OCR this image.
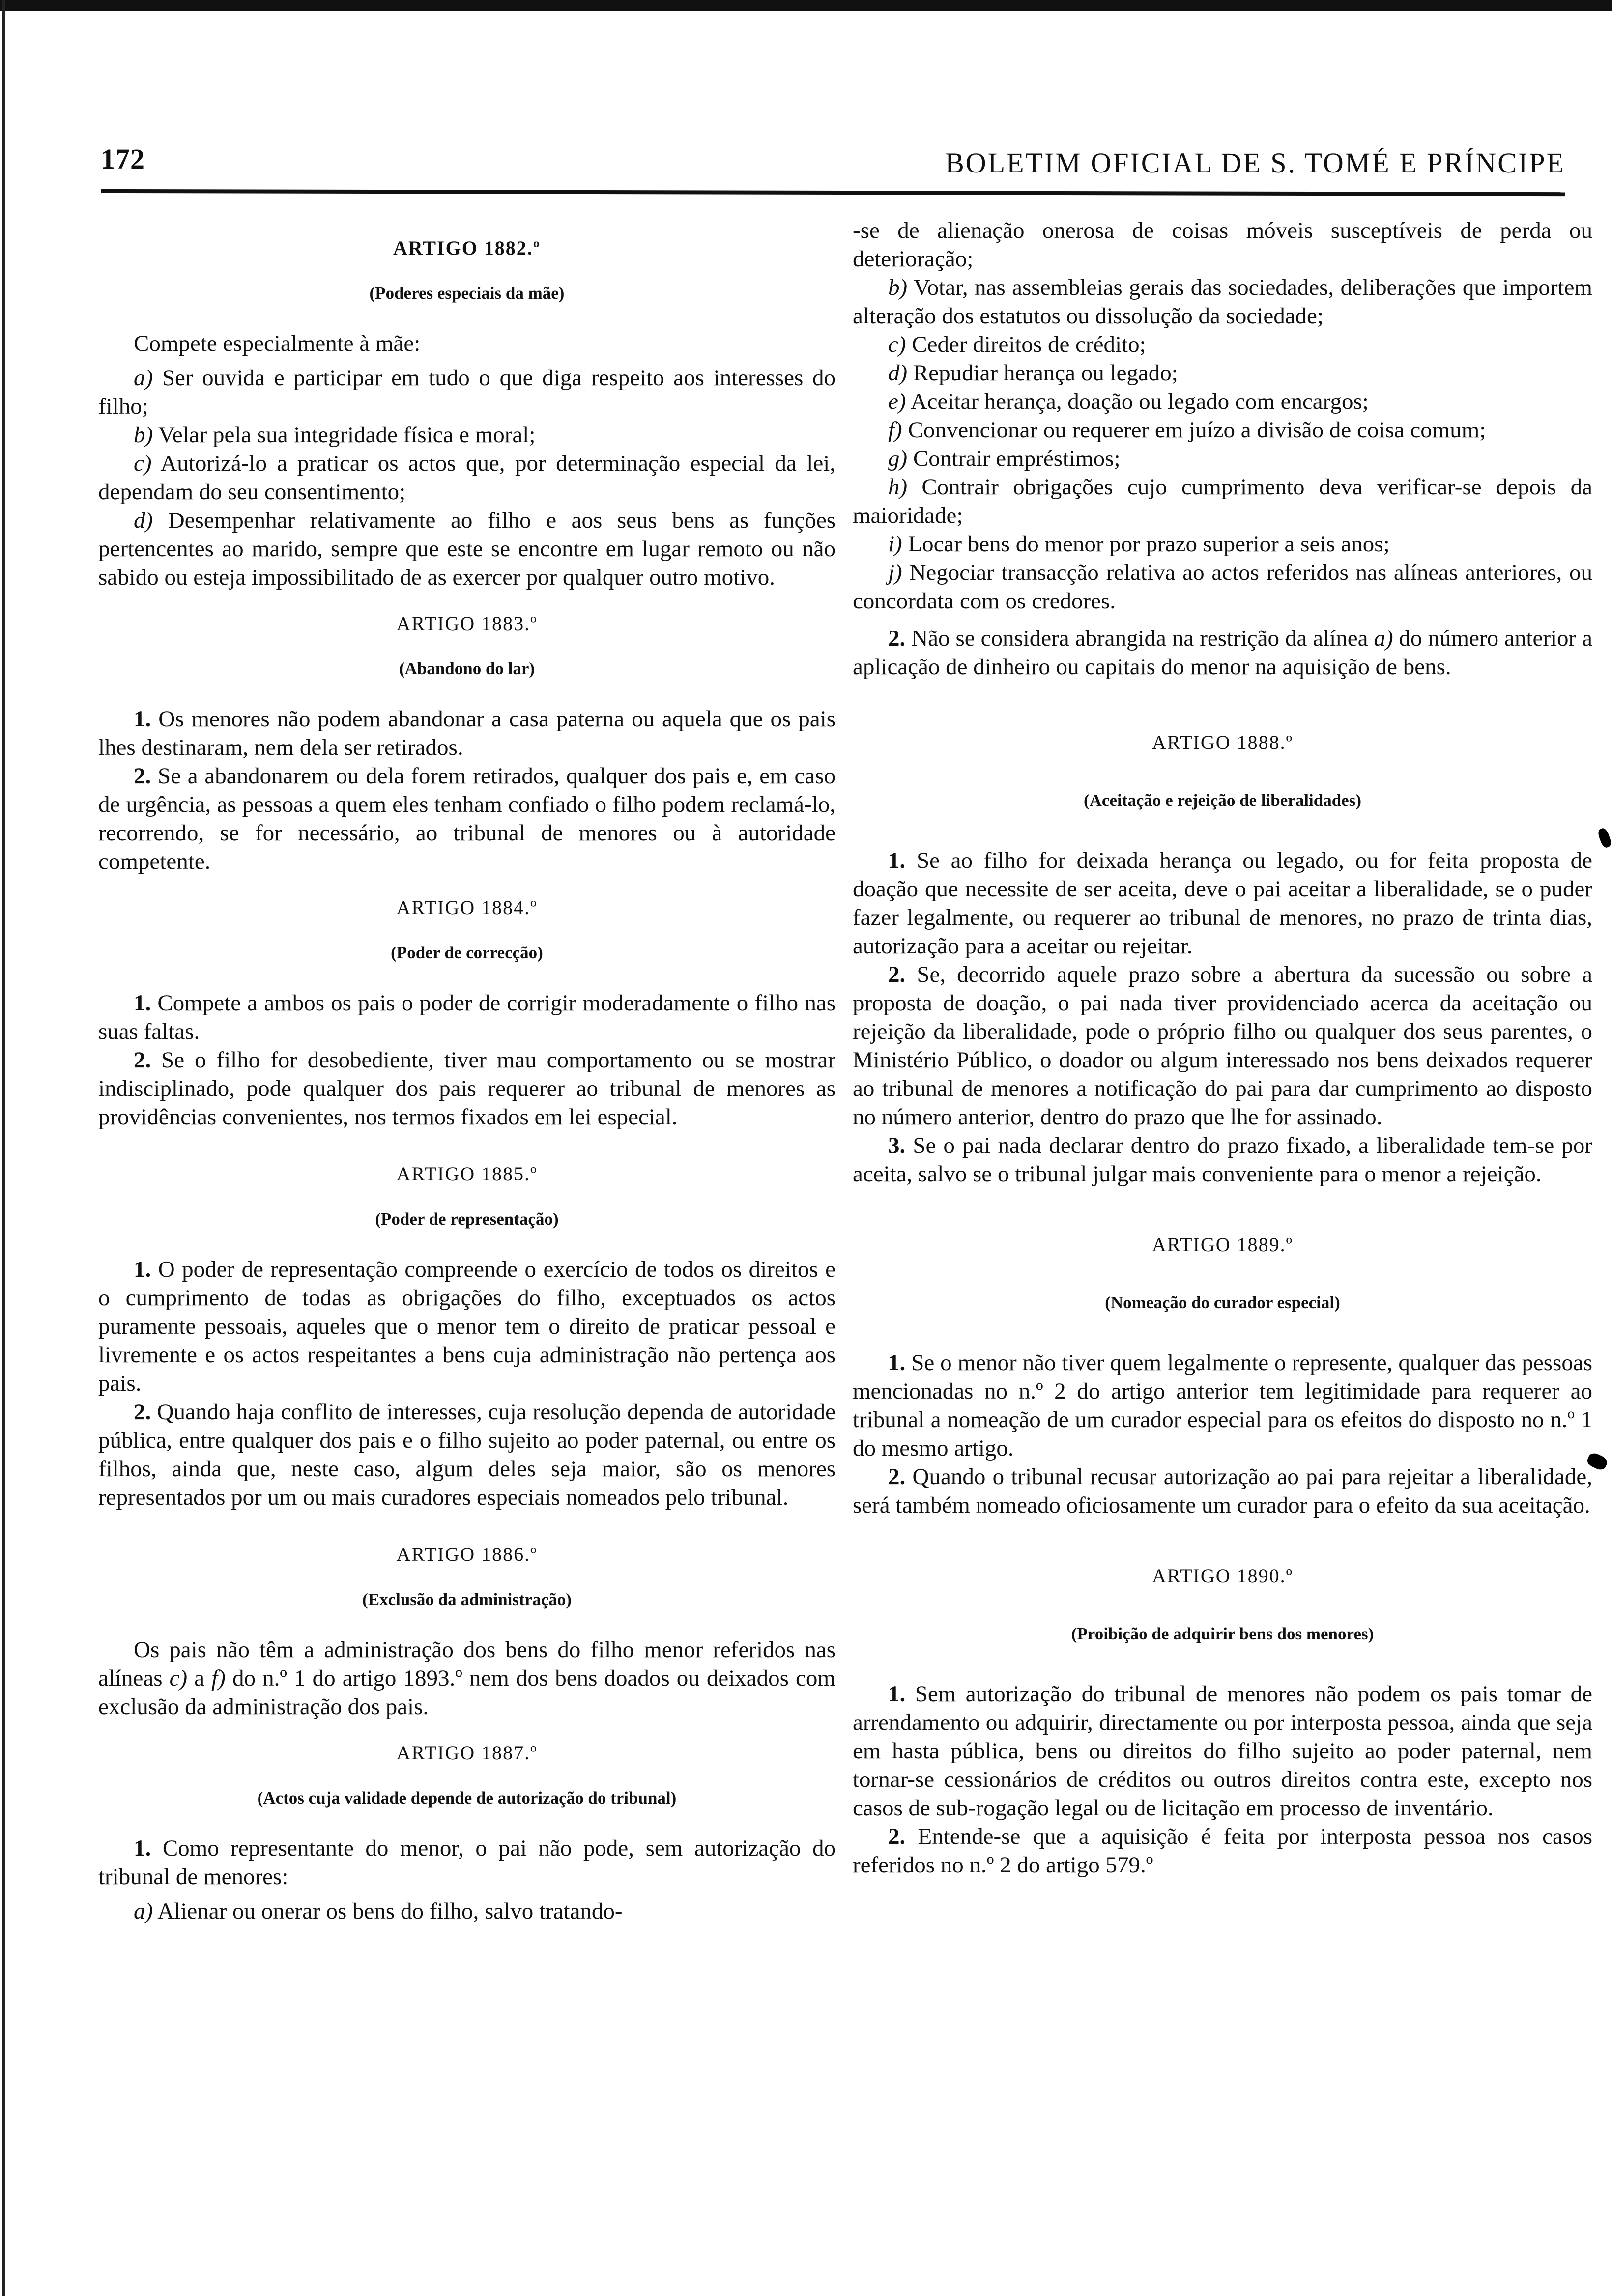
172	BOLETIM OFICIAL DE S. TOMÉ E PRÍNCIPE
ARTIGO 1882.º
(Poderes especiais da mãe)

Compete especialmente à mãe:

a) Ser ouvida e participar em tudo o que diga respeito aos interesses do filho;

b) Velar pela sua integridade física e moral;

c) Autorizá-lo a praticar os actos que, por determinação especial da lei, dependam do seu consentimento;

d) Desempenhar relativamente ao filho e aos seus bens as funções pertencentes ao marido, sempre que este se encontre em lugar remoto ou não sabido ou esteja impossibilitado de as exercer por qualquer outro motivo.

ARTIGO 1883.º
(Abandono do lar)

1. Os menores não podem abandonar a casa paterna ou aquela que os pais lhes destinaram, nem dela ser retirados.

2. Se a abandonarem ou dela forem retirados, qualquer dos pais e, em caso de urgência, as pessoas a quem eles tenham confiado o filho podem reclamá-lo, recorrendo, se for necessário, ao tribunal de menores ou à autoridade competente.

ARTIGO 1884.º
(Poder de correcção)

1. Compete a ambos os pais o poder de corrigir moderadamente o filho nas suas faltas.

2. Se o filho for desobediente, tiver mau comportamento ou se mostrar indisciplinado, pode qualquer dos pais requerer ao tribunal de menores as providências convenientes, nos termos fixados em lei especial.

ARTIGO 1885.º
(Poder de representação)

1. O poder de representação compreende o exercício de todos os direitos e o cumprimento de todas as obrigações do filho, exceptuados os actos puramente pessoais, aqueles que o menor tem o direito de praticar pessoal e livremente e os actos respeitantes a bens cuja administração não pertença aos pais.

2. Quando haja conflito de interesses, cuja resolução dependa de autoridade pública, entre qualquer dos pais e o filho sujeito ao poder paternal, ou entre os filhos, ainda que, neste caso, algum deles seja maior, são os menores representados por um ou mais curadores especiais nomeados pelo tribunal.

ARTIGO 1886.º
(Exclusão da administração)

Os pais não têm a administração dos bens do filho menor referidos nas alíneas c) a f) do n.º 1 do artigo 1893.º nem dos bens doados ou deixados com exclusão da administração dos pais.

ARTIGO 1887.º
(Actos cuja validade depende de autorização do tribunal)

1. Como representante do menor, o pai não pode, sem autorização do tribunal de menores:

a) Alienar ou onerar os bens do filho, salvo tratando-

-se de alienação onerosa de coisas móveis susceptíveis de perda ou deterioração;

b) Votar, nas assembleias gerais das sociedades, deliberações que importem alteração dos estatutos ou dissolução da sociedade;

c) Ceder direitos de crédito;

d) Repudiar herança ou legado;

e) Aceitar herança, doação ou legado com encargos;

f) Convencionar ou requerer em juízo a divisão de coisa comum;

g) Contrair empréstimos;

h) Contrair obrigações cujo cumprimento deva verificar-se depois da maioridade;

i) Locar bens do menor por prazo superior a seis anos;

j) Negociar transacção relativa ao actos referidos nas alíneas anteriores, ou concordata com os credores.

2. Não se considera abrangida na restrição da alínea a) do número anterior a aplicação de dinheiro ou capitais do menor na aquisição de bens.

ARTIGO 1888.º
(Aceitação e rejeição de liberalidades)

1. Se ao filho for deixada herança ou legado, ou for feita proposta de doação que necessite de ser aceita, deve o pai aceitar a liberalidade, se o puder fazer legalmente, ou requerer ao tribunal de menores, no prazo de trinta dias, autorização para a aceitar ou rejeitar.

2. Se, decorrido aquele prazo sobre a abertura da sucessão ou sobre a proposta de doação, o pai nada tiver providenciado acerca da aceitação ou rejeição da liberalidade, pode o próprio filho ou qualquer dos seus parentes, o Ministério Público, o doador ou algum interessado nos bens deixados requerer ao tribunal de menores a notificação do pai para dar cumprimento ao disposto no número anterior, dentro do prazo que lhe for assinado.

3. Se o pai nada declarar dentro do prazo fixado, a liberalidade tem-se por aceita, salvo se o tribunal julgar mais conveniente para o menor a rejeição.

ARTIGO 1889.º
(Nomeação do curador especial)

1. Se o menor não tiver quem legalmente o represente, qualquer das pessoas mencionadas no n.º 2 do artigo anterior tem legitimidade para requerer ao tribunal a nomeação de um curador especial para os efeitos do disposto no n.º 1 do mesmo artigo.

2. Quando o tribunal recusar autorização ao pai para rejeitar a liberalidade, será também nomeado oficiosamente um curador para o efeito da sua aceitação.

ARTIGO 1890.º
(Proibição de adquirir bens dos menores)

1. Sem autorização do tribunal de menores não podem os pais tomar de arrendamento ou adquirir, directamente ou por interposta pessoa, ainda que seja em hasta pública, bens ou direitos do filho sujeito ao poder paternal, nem tornar-se cessionários de créditos ou outros direitos contra este, excepto nos casos de sub-rogação legal ou de licitação em processo de inventário.

2. Entende-se que a aquisição é feita por interposta pessoa nos casos referidos no n.º 2 do artigo 579.º
